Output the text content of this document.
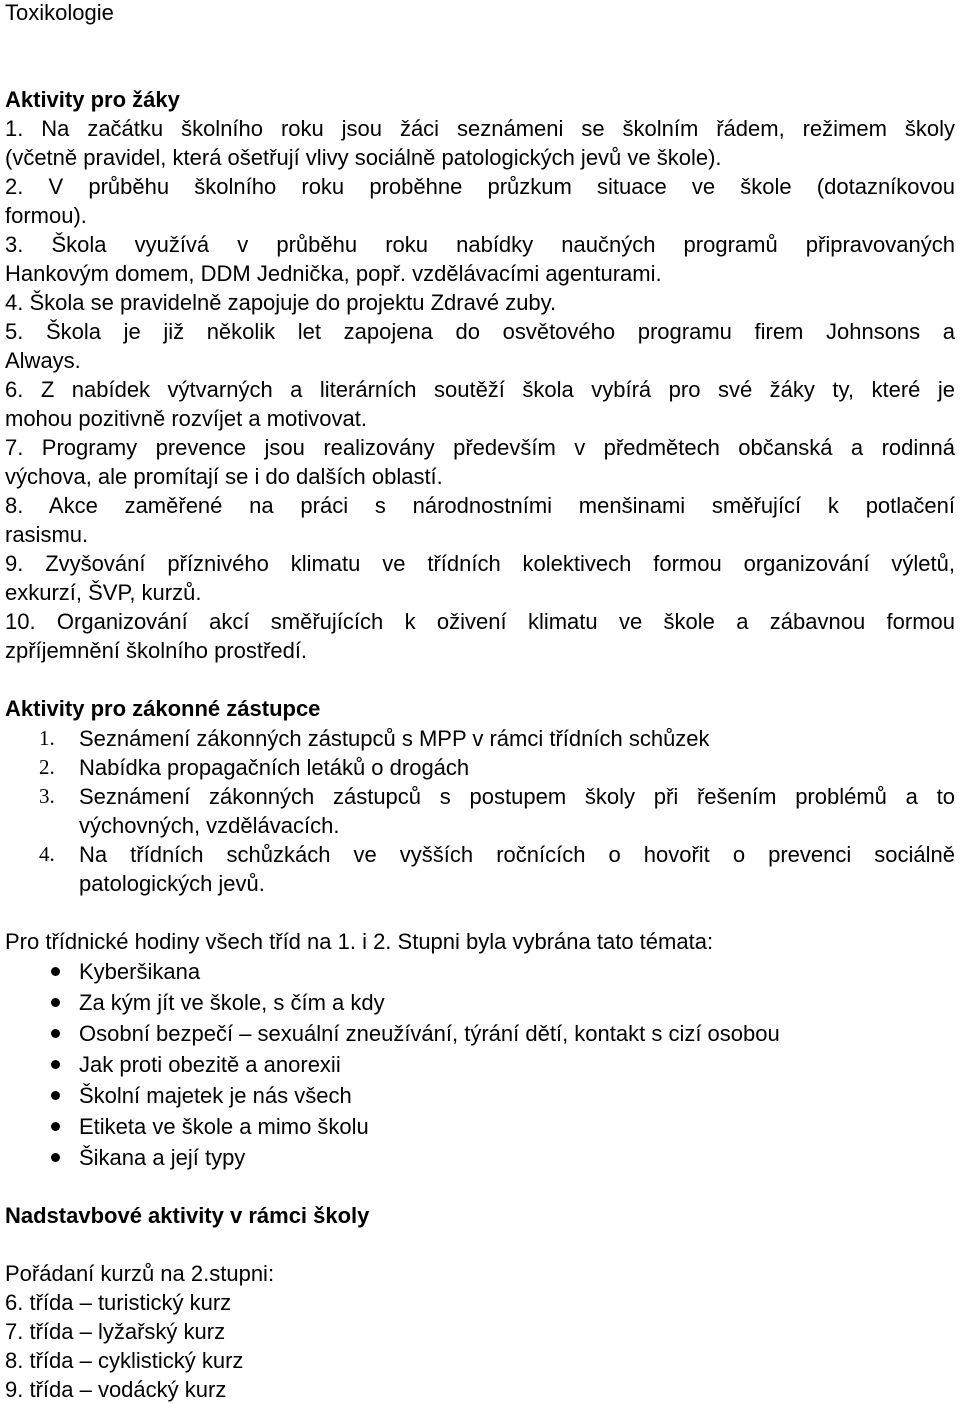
Toxikologie
Aktivity pro žáky
1. Na začátku školního roku jsou žáci seznámeni se školním řádem, režimem školy
(včetně pravidel, která ošetřují vlivy sociálně patologických jevů ve škole).
2. V průběhu školního roku proběhne průzkum situace ve škole (dotazníkovou
formou).
3. Škola využívá v průběhu roku nabídky naučných programů připravovaných
Hankovým domem, DDM Jednička, popř. vzdělávacími agenturami.
4. Škola se pravidelně zapojuje do projektu Zdravé zuby.
5. Škola je již několik let zapojena do osvětového programu firem Johnsons a
Always.
6. Z nabídek výtvarných a literárních soutěží škola vybírá pro své žáky ty, které je
mohou pozitivně rozvíjet a motivovat.
7. Programy prevence jsou realizovány především v předmětech občanská a rodinná
výchova, ale promítají se i do dalších oblastí.
8. Akce zaměřené na práci s národnostními menšinami směřující k potlačení
rasismu.
9. Zvyšování příznivého klimatu ve třídních kolektivech formou organizování výletů,
exkurzí, ŠVP, kurzů.
10. Organizování akcí směřujících k oživení klimatu ve škole a zábavnou formou
zpříjemnění školního prostředí.
Aktivity pro zákonné zástupce
1. Seznámení zákonných zástupců s MPP v rámci třídních schůzek
2. Nabídka propagačních letáků o drogách
3. Seznámení zákonných zástupců s postupem školy při řešením problémů a to
výchovných, vzdělávacích.
4. Na třídních schůzkách ve vyšších ročnících o hovořit o prevenci sociálně
patologických jevů.
Pro třídnické hodiny všech tříd na 1. i 2. Stupni byla vybrána tato témata:
Kyberšikana
Za kým jít ve škole, s čím a kdy
Osobní bezpečí – sexuální zneužívání, týrání dětí, kontakt s cizí osobou
Jak proti obezitě a anorexii
Školní majetek je nás všech
Etiketa ve škole a mimo školu
Šikana a její typy
Nadstavbové aktivity v rámci školy
Pořádaní kurzů na 2.stupni:
6. třída – turistický kurz
7. třída – lyžařský kurz
8. třída – cyklistický kurz
9. třída – vodácký kurz
